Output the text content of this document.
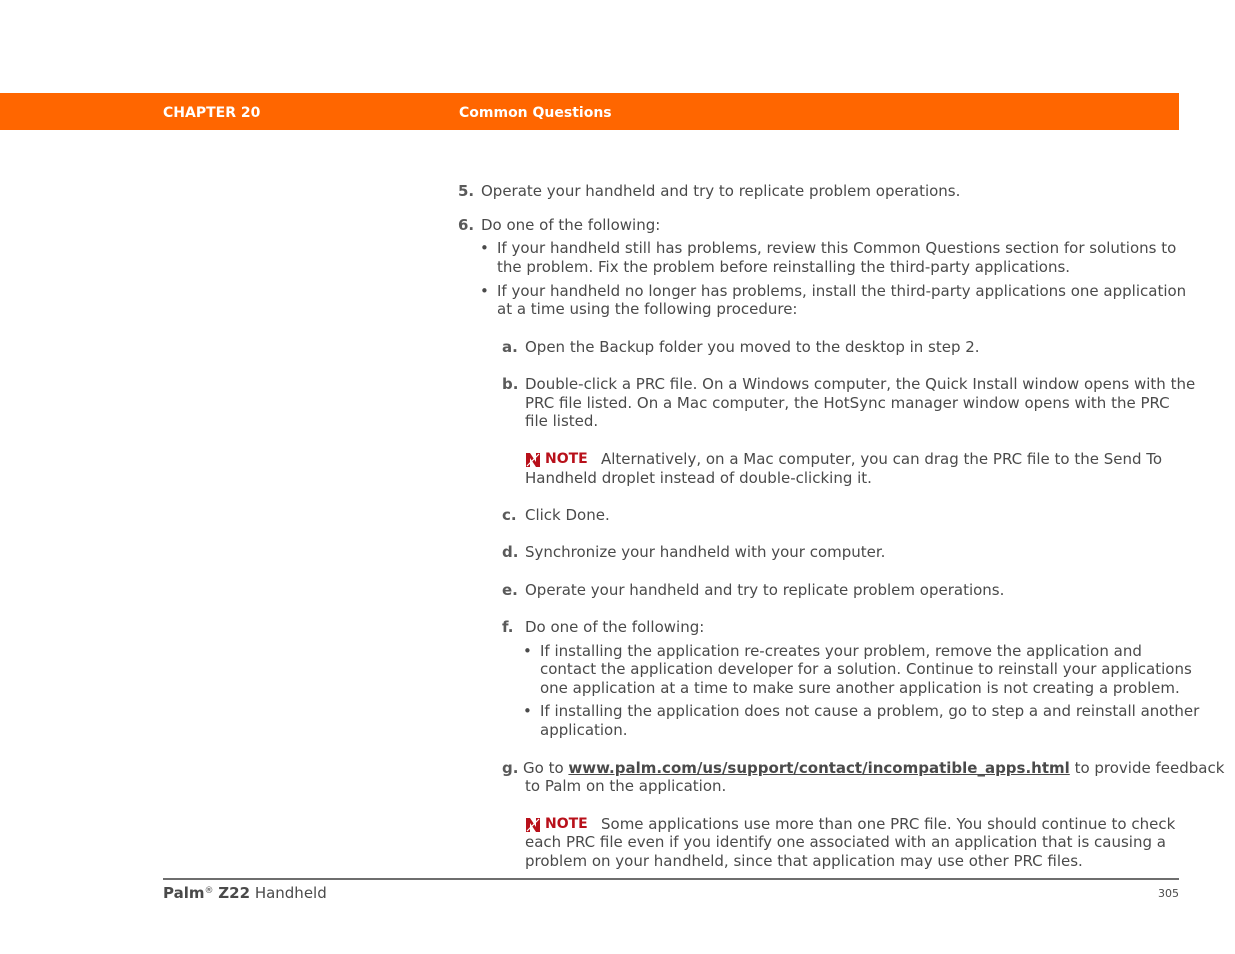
CHAPTER 20	Common Questions
5. Operate your handheld and try to replicate problem operations.
6. Do one of the following:
• If your handheld still has problems, review this Common Questions section for solutions to
the problem. Fix the problem before reinstalling the third-party applications.
• If your handheld no longer has problems, install the third-party applications one application
at a time using the following procedure:
a. Open the Backup folder you moved to the desktop in step 2.
b. Double-click a PRC file. On a Windows computer, the Quick Install window opens with the
PRC file listed. On a Mac computer, the HotSync manager window opens with the PRC
file listed.
NOTE Alternatively, on a Mac computer, you can drag the PRC file to the Send To
Handheld droplet instead of double-clicking it.
c. Click Done.
d. Synchronize your handheld with your computer.
e. Operate your handheld and try to replicate problem operations.
f. Do one of the following:
• If installing the application re-creates your problem, remove the application and
contact the application developer for a solution. Continue to reinstall your applications
one application at a time to make sure another application is not creating a problem.
• If installing the application does not cause a problem, go to step a and reinstall another
application.
g. Go to www.palm.com/us/support/contact/incompatible_apps.html to provide feedback
to Palm on the application.
NOTE Some applications use more than one PRC file. You should continue to check
each PRC file even if you identify one associated with an application that is causing a
problem on your handheld, since that application may use other PRC files.
Palm® Z22 Handheld	305
